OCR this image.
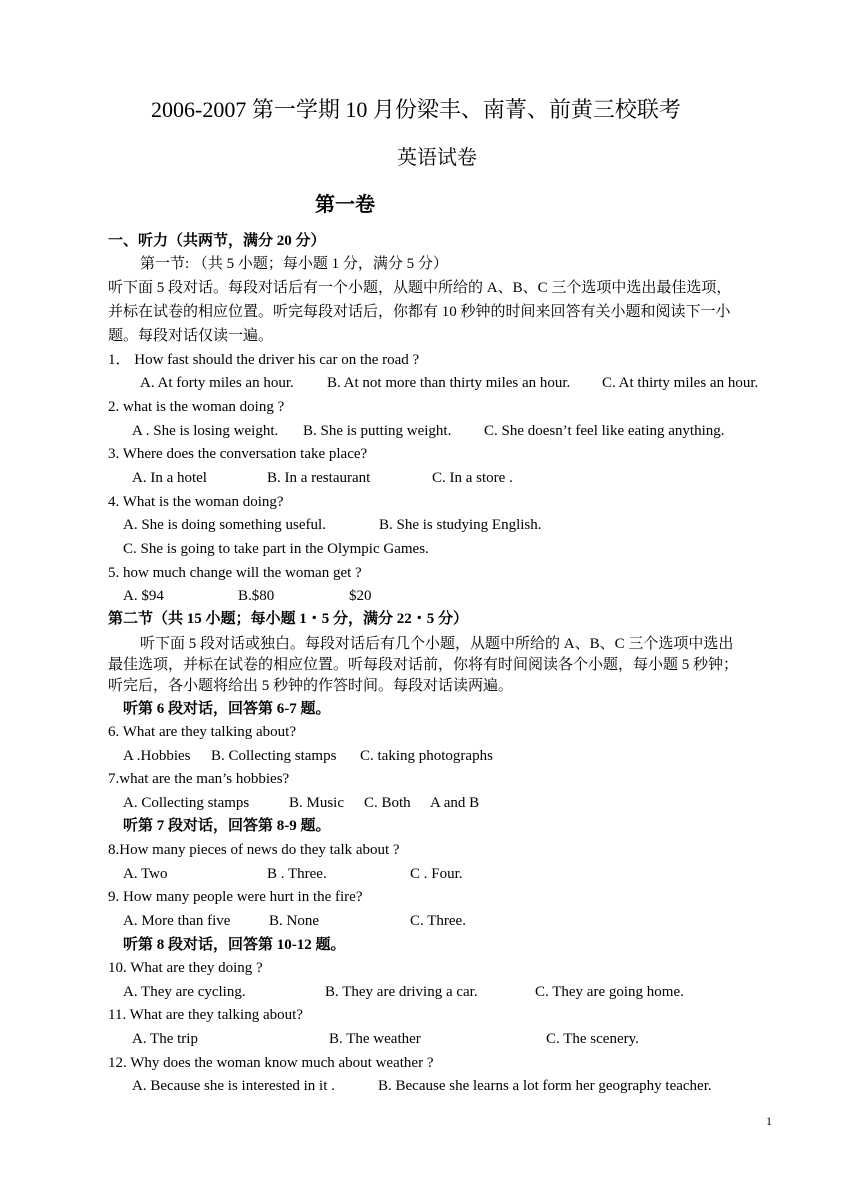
2006-2007 第一学期 10 月份梁丰、南菁、前黄三校联考
英语试卷
第一卷
一、听力（共两节，满分 20 分）
第一节: （共 5 小题；每小题 1 分，满分 5 分）
听下面 5 段对话。每段对话后有一个小题，从题中所给的 A、B、C 三个选项中选出最佳选项，
并标在试卷的相应位置。听完每段对话后，你都有 10 秒钟的时间来回答有关小题和阅读下一小
题。每段对话仅读一遍。
1． How fast should the driver his car on the road ?
A. At forty miles an hour. B. At not more than thirty miles an hour. C. At thirty miles an hour.
2. what is the woman doing ?
A . She is losing weight. B. She is putting weight. C. She doesn’t feel like eating anything.
3. Where does the conversation take place?
A. In a hotel	B. In a restaurant	C. In a store .
4. What is the woman doing?
A. She is doing something useful.	B. She is studying English.
C. She is going to take part in the Olympic Games.
5. how much change will the woman get ?
A. $94	B.$80	$20
第二节（共 15 小题；每小题 1・5 分，满分 22・5 分）
听下面 5 段对话或独白。每段对话后有几个小题，从题中所给的 A、B、C 三个选项中选出
最佳选项，并标在试卷的相应位置。听每段对话前，你将有时间阅读各个小题，每小题 5 秒钟；
听完后，各小题将给出 5 秒钟的作答时间。每段对话读两遍。
听第 6 段对话，回答第 6-7 题。
6. What are they talking about?
A .Hobbies B. Collecting stamps C. taking photographs
7.what are the man’s hobbies?
A. Collecting stamps	B. Music C. Both A and B
听第 7 段对话，回答第 8-9 题。
8.How many pieces of news do they talk about ?
A. Two	B . Three.	C . Four.
9. How many people were hurt in the fire?
A. More than five	B. None	C. Three.
听第 8 段对话，回答第 10-12 题。
10. What are they doing ?
A. They are cycling.	B. They are driving a car.	C. They are going home.
11. What are they talking about?
A. The trip	B. The weather	C. The scenery.
12. Why does the woman know much about weather ?
A. Because she is interested in it .	B. Because she learns a lot form her geography teacher.
1
